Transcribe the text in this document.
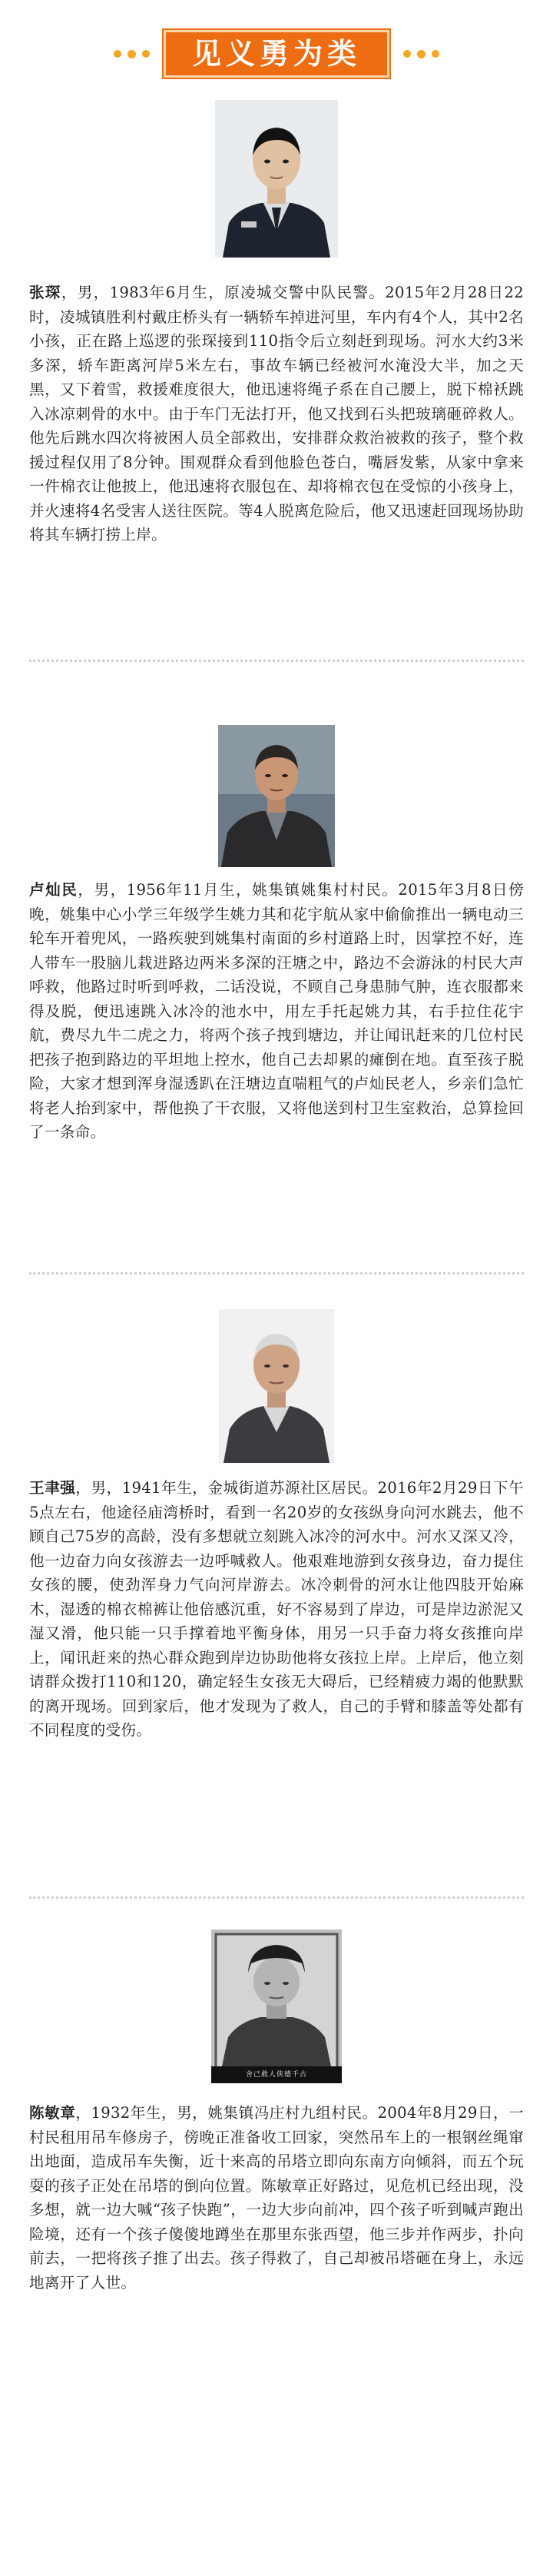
见义勇为类

张琛，男，1983年6月生，原凌城交警中队民警。2015年2月28日22时，凌城镇胜利村戴庄桥头有一辆轿车掉进河里，车内有4个人，其中2名小孩，正在路上巡逻的张琛接到110指令后立刻赶到现场。河水大约3米多深，轿车距离河岸5米左右，事故车辆已经被河水淹没大半，加之天黑，又下着雪，救援难度很大，他迅速将绳子系在自己腰上，脱下棉袄跳入冰凉刺骨的水中。由于车门无法打开，他又找到石头把玻璃砸碎救人。他先后跳水四次将被困人员全部救出，安排群众救治被救的孩子，整个救援过程仅用了8分钟。围观群众看到他脸色苍白，嘴唇发紫，从家中拿来一件棉衣让他披上，他迅速将衣服包在、却将棉衣包在受惊的小孩身上，并火速将4名受害人送往医院。等4人脱离危险后，他又迅速赶回现场协助将其车辆打捞上岸。

卢灿民，男，1956年11月生，姚集镇姚集村村民。2015年3月8日傍晚，姚集中心小学三年级学生姚力其和花宇航从家中偷偷推出一辆电动三轮车开着兜风，一路疾驶到姚集村南面的乡村道路上时，因掌控不好，连人带车一股脑儿栽进路边两米多深的汪塘之中，路边不会游泳的村民大声呼救，他路过时听到呼救，二话没说，不顾自己身患肺气肿，连衣服都来得及脱，便迅速跳入冰冷的池水中，用左手托起姚力其，右手拉住花宇航，费尽九牛二虎之力，将两个孩子拽到塘边，并让闻讯赶来的几位村民把孩子抱到路边的平坦地上控水，他自己去却累的瘫倒在地。直至孩子脱险，大家才想到浑身湿透趴在汪塘边直喘粗气的卢灿民老人，乡亲们急忙将老人抬到家中，帮他换了干衣服，又将他送到村卫生室救治，总算捡回了一条命。

王聿强，男，1941年生，金城街道苏源社区居民。2016年2月29日下午5点左右，他途径庙湾桥时，看到一名20岁的女孩纵身向河水跳去，他不顾自己75岁的高龄，没有多想就立刻跳入冰冷的河水中。河水又深又冷，他一边奋力向女孩游去一边呼喊救人。他艰难地游到女孩身边，奋力提住女孩的腰，使劲浑身力气向河岸游去。冰冷刺骨的河水让他四肢开始麻木，湿透的棉衣棉裤让他倍感沉重，好不容易到了岸边，可是岸边淤泥又湿又滑，他只能一只手撑着地平衡身体，用另一只手奋力将女孩推向岸上，闻讯赶来的热心群众跑到岸边协助他将女孩拉上岸。上岸后，他立刻请群众拨打110和120，确定轻生女孩无大碍后，已经精疲力竭的他默默的离开现场。回到家后，他才发现为了救人，自己的手臂和膝盖等处都有不同程度的受伤。

舍己救人侠德千古

陈敏章，1932年生，男，姚集镇冯庄村九组村民。2004年8月29日，一村民租用吊车修房子，傍晚正准备收工回家，突然吊车上的一根钢丝绳窜出地面，造成吊车失衡，近十来高的吊塔立即向东南方向倾斜，而五个玩耍的孩子正处在吊塔的倒向位置。陈敏章正好路过，见危机已经出现，没多想，就一边大喊“孩子快跑”，一边大步向前冲，四个孩子听到喊声跑出险境，还有一个孩子傻傻地蹲坐在那里东张西望，他三步并作两步，扑向前去，一把将孩子推了出去。孩子得救了，自己却被吊塔砸在身上，永远地离开了人世。
